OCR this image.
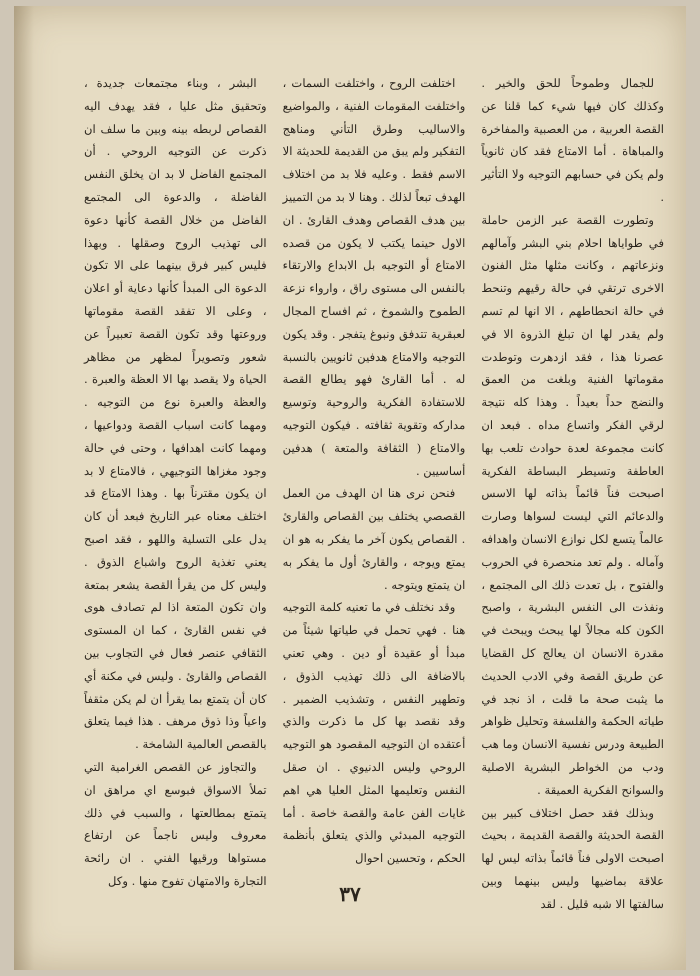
للجمال وطموحاً للحق والخير . وكذلك كان فيها شيء كما قلنا عن القصة العربية ، من العصبية والمفاخرة والمباهاة . أما الامتاع فقد كان ثانوياً ولم يكن في حسابهم التوجيه ولا التأثير .

وتطورت القصة عبر الزمن حاملة في طواياها احلام بني البشر وآمالهم ونزعاتهم ، وكانت مثلها مثل الفنون الاخرى ترتقي في حالة رقيهم وتنحط في حالة انحطاطهم ، الا انها لم تسم ولم يقدر لها ان تبلغ الذروة الا في عصرنا هذا ، فقد ازدهرت وتوطدت مقوماتها الفنية وبلغت من العمق والنضج حداً بعيداً . وهذا كله نتيجة لرقي الفكر واتساع مداه . فبعد ان كانت مجموعة لعدة حوادث تلعب بها العاطفة وتسيطر البساطة الفكرية اصبحت فناً قائماً بذاته لها الاسس والدعائم التي ليست لسواها وصارت عالماً يتسع لكل نوازع الانسان واهدافه وآماله . ولم تعد منحصرة في الحروب والفتوح ، بل تعدت ذلك الى المجتمع ، ونفذت الى النفس البشرية ، واصبح الكون كله مجالاً لها يبحث ويبحث في مقدرة الانسان ان يعالج كل القضايا عن طريق القصة وفي الادب الحديث ما يثبت صحة ما قلت ، اذ نجد في طياته الحكمة والفلسفة وتحليل ظواهر الطبيعة ودرس نفسية الانسان وما هب ودب من الخواطر البشرية الاصلية والسوانح الفكرية العميقة .

وبذلك فقد حصل اختلاف كبير بين القصة الحديثة والقصة القديمة ، بحيث اصبحت الاولى فناً قائماً بذاته ليس لها علاقة بماضيها وليس بينهما وبين سالفتها الا شبه قليل . لقد

اختلفت الروح ، واختلفت السمات ، واختلفت المقومات الفنية ، والمواضيع والاساليب وطرق التأني ومناهج التفكير ولم يبق من القديمة للحديثة الا الاسم فقط . وعليه فلا بد من اختلاف الهدف تبعاً لذلك . وهنا لا بد من التمييز بين هدف القصاص وهدف القارئ . ان الاول حينما يكتب لا يكون من قصده الامتاع أو التوجيه بل الابداع والارتقاء بالنفس الى مستوى راق ، وارواء نزعة الطموح والشموخ ، ثم افساح المجال لعبقرية تتدفق ونبوغ يتفجر . وقد يكون التوجيه والامتاع هدفين ثانويين بالنسبة له . أما القارئ فهو يطالع القصة للاستفادة الفكرية والروحية وتوسيع مداركه وتقوية ثقافته . فيكون التوجيه والامتاع ( الثقافة والمتعة ) هدفين أساسيين .

فنحن نرى هنا ان الهدف من العمل القصصي يختلف بين القصاص والقارئ . القصاص يكون آخر ما يفكر به هو ان يمتع ويوجه ، والقارئ أول ما يفكر به ان يتمتع ويتوجه .

وقد نختلف في ما تعنيه كلمة التوجيه هنا . فهي تحمل في طياتها شيئاً من مبدأ أو عقيدة أو دين . وهي تعني بالاضافة الى ذلك تهذيب الذوق ، وتطهير النفس ، وتشذيب الضمير . وقد نقصد بها كل ما ذكرت والذي أعتقده ان التوجيه المقصود هو التوجيه الروحي وليس الدنيوي . ان صقل النفس وتعليمها المثل العليا هي اهم غايات الفن عامة والقصة خاصة . أما التوجيه المبدئي والذي يتعلق بأنظمة الحكم ، وتحسين احوال

البشر ، وبناء مجتمعات جديدة ، وتحقيق مثل عليا ، فقد يهدف اليه القصاص لربطه بينه وبين ما سلف ان ذكرت عن التوجيه الروحي . أن المجتمع الفاضل لا بد ان يخلق النفس الفاضلة ، والدعوة الى المجتمع الفاضل من خلال القصة كأنها دعوة الى تهذيب الروح وصقلها . وبهذا فليس كبير فرق بينهما على الا تكون الدعوة الى المبدأ كأنها دعاية أو اعلان ، وعلى الا تفقد القصة مقوماتها وروعتها وقد تكون القصة تعبيراً عن شعور وتصويراً لمظهر من مظاهر الحياة ولا يقصد بها الا العظة والعبرة . والعظة والعبرة نوع من التوجيه . ومهما كانت اسباب القصة ودواعيها ، ومهما كانت اهدافها ، وحتى في حالة وجود مغزاها التوجيهي ، فالامتاع لا بد ان يكون مقترناً بها . وهذا الامتاع قد اختلف معناه عبر التاريخ فبعد أن كان يدل على التسلية واللهو ، فقد اصبح يعني تغذية الروح واشباع الذوق . وليس كل من يقرأ القصة يشعر بمتعة وان تكون المتعة اذا لم تصادف هوى في نفس القارئ ، كما ان المستوى الثقافي عنصر فعال في التجاوب بين القصاص والقارئ . وليس في مكنة أي كان أن يتمتع بما يقرأ ان لم يكن مثقفاً واعياً وذا ذوق مرهف . هذا فيما يتعلق بالقصص العالمية الشامخة .

والتجاوز عن القصص الغرامية التي تملأ الاسواق فبوسع اي مراهق ان يتمتع بمطالعتها ، والسبب في ذلك معروف وليس ناجماً عن ارتفاع مستواها ورقيها الفني . ان رائحة التجارة والامتهان تفوح منها . وكل

٣٧
